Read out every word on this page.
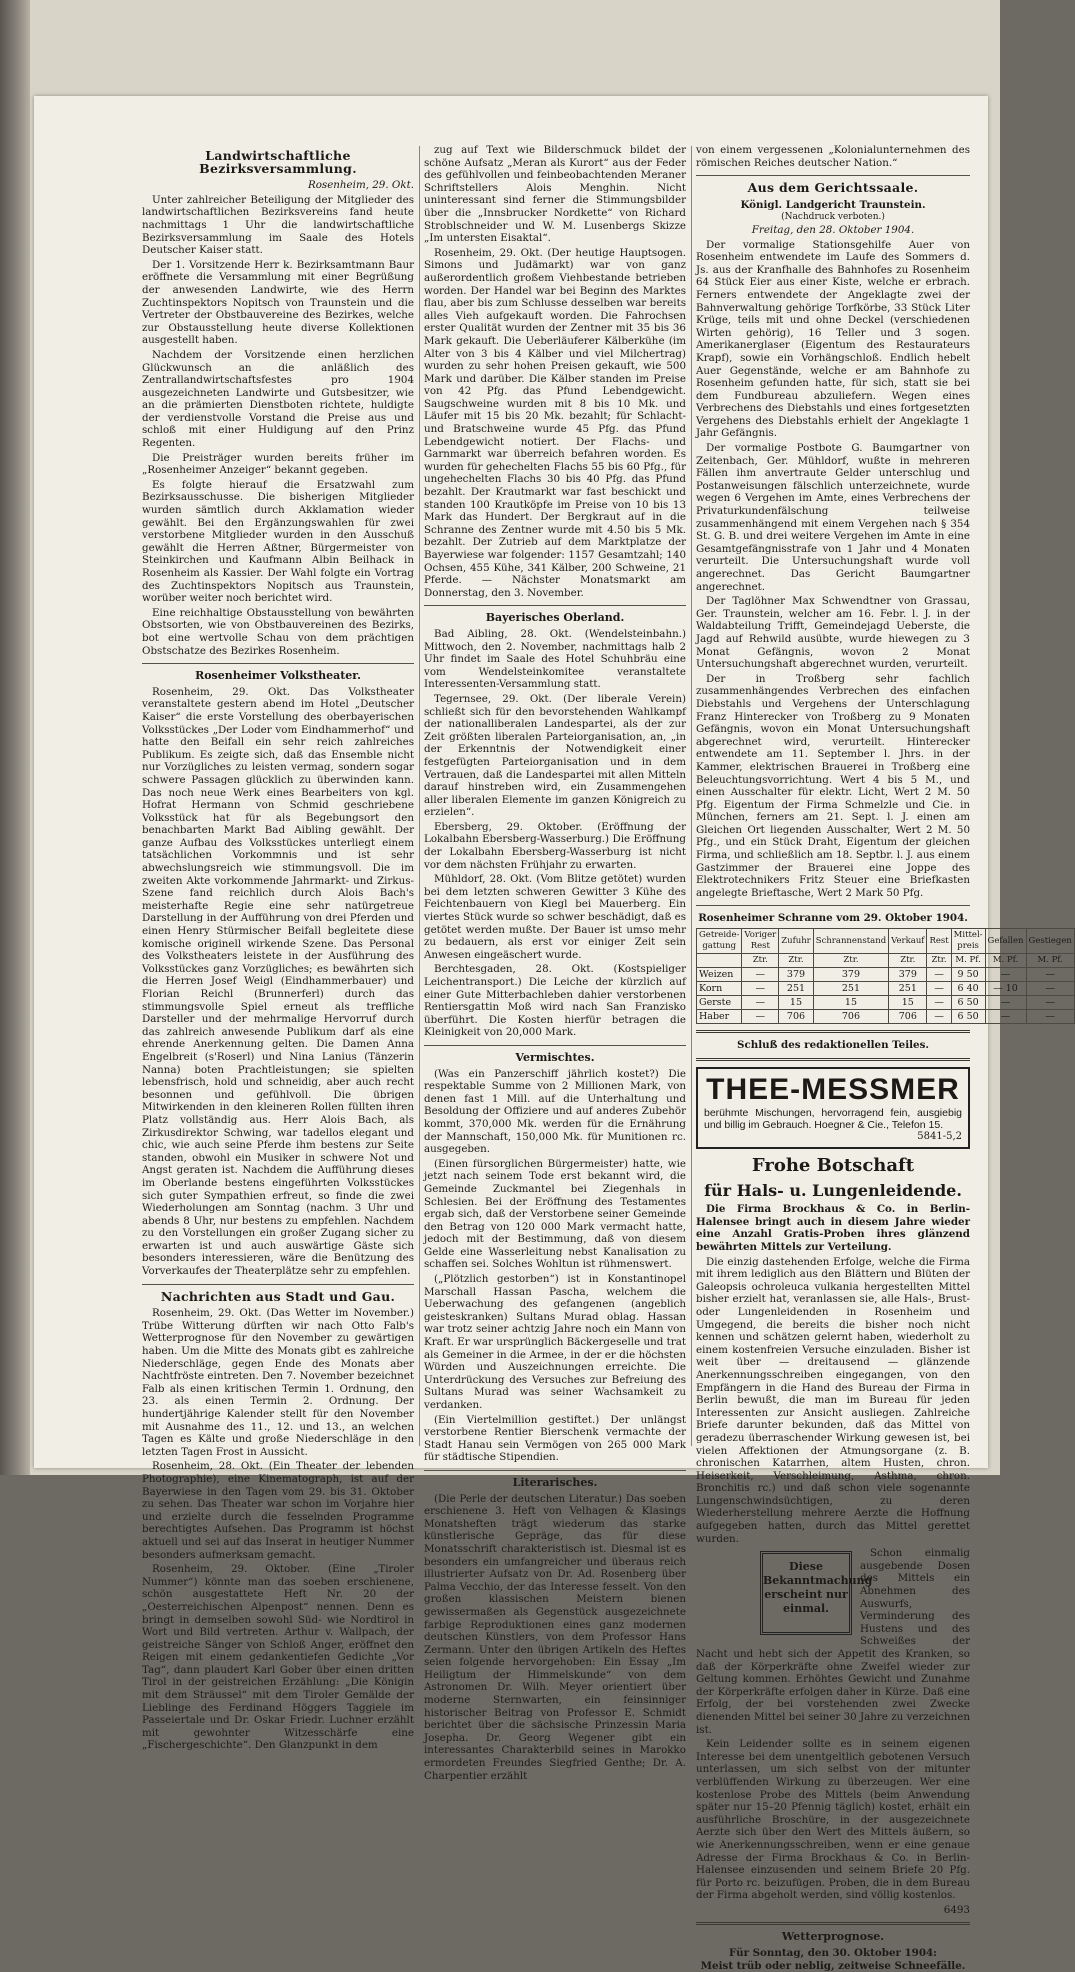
Landwirtschaftliche Bezirksversammlung.
Rosenheim, 29. Okt.

Unter zahlreicher Beteiligung der Mitglieder des landwirtschaftlichen Bezirksvereins fand heute nachmittags 1 Uhr die landwirtschaftliche Bezirksversammlung im Saale des Hotels Deutscher Kaiser statt.

Der 1. Vorsitzende Herr k. Bezirksamtmann Baur eröffnete die Versammlung mit einer Begrüßung der anwesenden Landwirte, wie des Herrn Zuchtinspektors Nopitsch von Traunstein und die Vertreter der Obstbauvereine des Bezirkes, welche zur Obstausstellung heute diverse Kollektionen ausgestellt haben.

Nachdem der Vorsitzende einen herzlichen Glückwunsch an die anläßlich des Zentrallandwirtschaftsfestes pro 1904 ausgezeichneten Landwirte und Gutsbesitzer, wie an die prämierten Dienstboten richtete, huldigte der verdienstvolle Vorstand die Preise aus und schloß mit einer Huldigung auf den Prinz Regenten.

Die Preisträger wurden bereits früher im „Rosenheimer Anzeiger“ bekannt gegeben.

Es folgte hierauf die Ersatzwahl zum Bezirksausschusse. Die bisherigen Mitglieder wurden sämtlich durch Akklamation wieder gewählt. Bei den Ergänzungswahlen für zwei verstorbene Mitglieder wurden in den Ausschuß gewählt die Herren Aßtner, Bürgermeister von Steinkirchen und Kaufmann Albin Beilhack in Rosenheim als Kassier. Der Wahl folgte ein Vortrag des Zuchtinspektors Nopitsch aus Traunstein, worüber weiter noch berichtet wird.

Eine reichhaltige Obstausstellung von bewährten Obstsorten, wie von Obstbauvereinen des Bezirks, bot eine wertvolle Schau von dem prächtigen Obstschatze des Bezirkes Rosenheim.

Rosenheimer Volkstheater.

Rosenheim, 29. Okt. Das Volkstheater veranstaltete gestern abend im Hotel „Deutscher Kaiser“ die erste Vorstellung des oberbayerischen Volksstückes „Der Loder vom Eindhammerhof“ und hatte den Beifall ein sehr reich zahlreiches Publikum. Es zeigte sich, daß das Ensemble nicht nur Vorzügliches zu leisten vermag, sondern sogar schwere Passagen glücklich zu überwinden kann. Das noch neue Werk eines Bearbeiters von kgl. Hofrat Hermann von Schmid geschriebene Volksstück hat für als Begebungsort den benachbarten Markt Bad Aibling gewählt. Der ganze Aufbau des Volksstückes unterliegt einem tatsächlichen Vorkommnis und ist sehr abwechslungsreich wie stimmungsvoll. Die im zweiten Akte vorkommende Jahrmarkt- und Zirkus-Szene fand reichlich durch Alois Bach's meisterhafte Regie eine sehr natürgetreue Darstellung in der Aufführung von drei Pferden und einen Henry Stürmischer Beifall begleitete diese komische originell wirkende Szene. Das Personal des Volkstheaters leistete in der Ausführung des Volksstückes ganz Vorzügliches; es bewährten sich die Herren Josef Weigl (Eindhammerbauer) und Florian Reichl (Brunnerferl) durch das stimmungsvolle Spiel erneut als treffliche Darsteller und der mehrmalige Hervorruf durch das zahlreich anwesende Publikum darf als eine ehrende Anerkennung gelten. Die Damen Anna Engelbreit (s'Roserl) und Nina Lanius (Tänzerin Nanna) boten Prachtleistungen; sie spielten lebensfrisch, hold und schneidig, aber auch recht besonnen und gefühlvoll. Die übrigen Mitwirkenden in den kleineren Rollen füllten ihren Platz vollständig aus. Herr Alois Bach, als Zirkusdirektor Schwing, war tadellos elegant und chic, wie auch seine Pferde ihm bestens zur Seite standen, obwohl ein Musiker in schwere Not und Angst geraten ist. Nachdem die Aufführung dieses im Oberlande bestens eingeführten Volksstückes sich guter Sympathien erfreut, so finde die zwei Wiederholungen am Sonntag (nachm. 3 Uhr und abends 8 Uhr, nur bestens zu empfehlen. Nachdem zu den Vorstellungen ein großer Zugang sicher zu erwarten ist und auch auswärtige Gäste sich besonders interessieren, wäre die Benützung des Vorverkaufes der Theaterplätze sehr zu empfehlen.

Nachrichten aus Stadt und Gau.

Rosenheim, 29. Okt. (Das Wetter im November.) Trübe Witterung dürften wir nach Otto Falb's Wetterprognose für den November zu gewärtigen haben. Um die Mitte des Monats gibt es zahlreiche Niederschläge, gegen Ende des Monats aber Nachtfröste eintreten. Den 7. November bezeichnet Falb als einen kritischen Termin 1. Ordnung, den 23. als einen Termin 2. Ordnung. Der hundertjährige Kalender stellt für den November mit Ausnahme des 11., 12. und 13., an welchen Tagen es Kälte und große Niederschläge in den letzten Tagen Frost in Aussicht.

Rosenheim, 28. Okt. (Ein Theater der lebenden Photographie), eine Kinematograph, ist auf der Bayerwiese in den Tagen vom 29. bis 31. Oktober zu sehen. Das Theater war schon im Vorjahre hier und erzielte durch die fesselnden Programme berechtigtes Aufsehen. Das Programm ist höchst aktuell und sei auf das Inserat in heutiger Nummer besonders aufmerksam gemacht.

Rosenheim, 29. Oktober. (Eine „Tiroler Nummer“) könnte man das soeben erschienene, schön ausgestattete Heft Nr. 20 der „Oesterreichischen Alpenpost“ nennen. Denn es bringt in demselben sowohl Süd- wie Nordtirol in Wort und Bild vertreten. Arthur v. Wallpach, der geistreiche Sänger von Schloß Anger, eröffnet den Reigen mit einem gedankentiefen Gedichte „Vor Tag“, dann plaudert Karl Gober über einen dritten Tirol in der geistreichen Erzählung: „Die Königin mit dem Sträussel“ mit dem Tiroler Gemälde der Lieblinge des Ferdinand Höggers Taggiele im Passeiertale und Dr. Oskar Friedr. Luchner erzählt mit gewohnter Witzesschärfe eine „Fischergeschichte“. Den Glanzpunkt in dem

zug auf Text wie Bilderschmuck bildet der schöne Aufsatz „Meran als Kurort“ aus der Feder des gefühlvollen und feinbeobachtenden Meraner Schriftstellers Alois Menghin. Nicht uninteressant sind ferner die Stimmungsbilder über die „Innsbrucker Nordkette“ von Richard Stroblschneider und W. M. Lusenbergs Skizze „Im untersten Eisaktal“.

Rosenheim, 29. Okt. (Der heutige Hauptsogen. Simons und Judämarkt) war von ganz außerordentlich großem Viehbestande betrieben worden. Der Handel war bei Beginn des Marktes flau, aber bis zum Schlusse desselben war bereits alles Vieh aufgekauft worden. Die Fahrochsen erster Qualität wurden der Zentner mit 35 bis 36 Mark gekauft. Die Ueberläuferer Kälberkühe (im Alter von 3 bis 4 Kälber und viel Milchertrag) wurden zu sehr hohen Preisen gekauft, wie 500 Mark und darüber. Die Kälber standen im Preise von 42 Pfg. das Pfund Lebendgewicht. Saugschweine wurden mit 8 bis 10 Mk. und Läufer mit 15 bis 20 Mk. bezahlt; für Schlacht- und Bratschweine wurde 45 Pfg. das Pfund Lebendgewicht notiert. Der Flachs- und Garnmarkt war überreich befahren worden. Es wurden für gehechelten Flachs 55 bis 60 Pfg., für ungehechelten Flachs 30 bis 40 Pfg. das Pfund bezahlt. Der Krautmarkt war fast beschickt und standen 100 Krautköpfe im Preise von 10 bis 13 Mark das Hundert. Der Bergkraut auf in die Schranne des Zentner wurde mit 4.50 bis 5 Mk. bezahlt. Der Zutrieb auf dem Marktplatze der Bayerwiese war folgender: 1157 Gesamtzahl; 140 Ochsen, 455 Kühe, 341 Kälber, 200 Schweine, 21 Pferde. — Nächster Monatsmarkt am Donnerstag, den 3. November.

Bayerisches Oberland.

Bad Aibling, 28. Okt. (Wendelsteinbahn.) Mittwoch, den 2. November, nachmittags halb 2 Uhr findet im Saale des Hotel Schuhbräu eine vom Wendelsteinkomitee veranstaltete Interessenten-Versammlung statt.

Tegernsee, 29. Okt. (Der liberale Verein) schließt sich für den bevorstehenden Wahlkampf der nationalliberalen Landespartei, als der zur Zeit größten liberalen Parteiorganisation, an, „in der Erkenntnis der Notwendigkeit einer festgefügten Parteiorganisation und in dem Vertrauen, daß die Landespartei mit allen Mitteln darauf hinstreben wird, ein Zusammengehen aller liberalen Elemente im ganzen Königreich zu erzielen“.

Ebersberg, 29. Oktober. (Eröffnung der Lokalbahn Ebersberg-Wasserburg.) Die Eröffnung der Lokalbahn Ebersberg-Wasserburg ist nicht vor dem nächsten Frühjahr zu erwarten.

Mühldorf, 28. Okt. (Vom Blitze getötet) wurden bei dem letzten schweren Gewitter 3 Kühe des Feichtenbauern von Kiegl bei Mauerberg. Ein viertes Stück wurde so schwer beschädigt, daß es getötet werden mußte. Der Bauer ist umso mehr zu bedauern, als erst vor einiger Zeit sein Anwesen eingeäschert wurde.

Berchtesgaden, 28. Okt. (Kostspieliger Leichentransport.) Die Leiche der kürzlich auf einer Gute Mitterbachleben dahier verstorbenen Rentiersgattin Moß wird nach San Franzisko überführt. Die Kosten hierfür betragen die Kleinigkeit von 20,000 Mark.

Vermischtes.

(Was ein Panzerschiff jährlich kostet?) Die respektable Summe von 2 Millionen Mark, von denen fast 1 Mill. auf die Unterhaltung und Besoldung der Offiziere und auf anderes Zubehör kommt, 370,000 Mk. werden für die Ernährung der Mannschaft, 150,000 Mk. für Munitionen rc. ausgegeben.

(Einen fürsorglichen Bürgermeister) hatte, wie jetzt nach seinem Tode erst bekannt wird, die Gemeinde Zuckmantel bei Ziegenhals in Schlesien. Bei der Eröffnung des Testamentes ergab sich, daß der Verstorbene seiner Gemeinde den Betrag von 120 000 Mark vermacht hatte, jedoch mit der Bestimmung, daß von diesem Gelde eine Wasserleitung nebst Kanalisation zu schaffen sei. Solches Wohltun ist rühmenswert.

(„Plötzlich gestorben“) ist in Konstantinopel Marschall Hassan Pascha, welchem die Ueberwachung des gefangenen (angeblich geisteskranken) Sultans Murad oblag. Hassan war trotz seiner achtzig Jahre noch ein Mann von Kraft. Er war ursprünglich Bäckergeselle und trat als Gemeiner in die Armee, in der er die höchsten Würden und Auszeichnungen erreichte. Die Unterdrückung des Versuches zur Befreiung des Sultans Murad was seiner Wachsamkeit zu verdanken.

(Ein Viertelmillion gestiftet.) Der unlängst verstorbene Rentier Bierschenk vermachte der Stadt Hanau sein Vermögen von 265 000 Mark für städtische Stipendien.

Literarisches.

(Die Perle der deutschen Literatur.) Das soeben erschienene 3. Heft von Velhagen & Klasings Monatsheften trägt wiederum das starke künstlerische Gepräge, das für diese Monatsschrift charakteristisch ist. Diesmal ist es besonders ein umfangreicher und überaus reich illustrierter Aufsatz von Dr. Ad. Rosenberg über Palma Vecchio, der das Interesse fesselt. Von den großen klassischen Meistern bienen gewissermaßen als Gegenstück ausgezeichnete farbige Reproduktionen eines ganz modernen deutschen Künstlers, von dem Professor Hans Zermann. Unter den übrigen Artikeln des Heftes seien folgende hervorgehoben: Ein Essay „Im Heiligtum der Himmelskunde“ von dem Astronomen Dr. Wilh. Meyer orientiert über moderne Sternwarten, ein feinsinniger historischer Beitrag von Professor E. Schmidt berichtet über die sächsische Prinzessin Maria Josepha. Dr. Georg Wegener gibt ein interessantes Charakterbild seines in Marokko ermordeten Freundes Siegfried Genthe; Dr. A. Charpentier erzählt

von einem vergessenen „Kolonialunternehmen des römischen Reiches deutscher Nation.“

Aus dem Gerichtssaale.
Königl. Landgericht Traunstein.
(Nachdruck verboten.)
Freitag, den 28. Oktober 1904.

Der vormalige Stationsgehilfe Auer von Rosenheim entwendete im Laufe des Sommers d. Js. aus der Kranfhalle des Bahnhofes zu Rosenheim 64 Stück Eier aus einer Kiste, welche er erbrach. Ferners entwendete der Angeklagte zwei der Bahnverwaltung gehörige Torfkörbe, 33 Stück Liter Krüge, teils mit und ohne Deckel (verschiedenen Wirten gehörig), 16 Teller und 3 sogen. Amerikanerglaser (Eigentum des Restaurateurs Krapf), sowie ein Vorhängschloß. Endlich hebelt Auer Gegenstände, welche er am Bahnhofe zu Rosenheim gefunden hatte, für sich, statt sie bei dem Fundbureau abzuliefern. Wegen eines Verbrechens des Diebstahls und eines fortgesetzten Vergehens des Diebstahls erhielt der Angeklagte 1 Jahr Gefängnis.

Der vormalige Postbote G. Baumgartner von Zeitenbach, Ger. Mühldorf, wußte in mehreren Fällen ihm anvertraute Gelder unterschlug und Postanweisungen fälschlich unterzeichnete, wurde wegen 6 Vergehen im Amte, eines Verbrechens der Privaturkundenfälschung teilweise zusammenhängend mit einem Vergehen nach § 354 St. G. B. und drei weitere Vergehen im Amte in eine Gesamtgefängnisstrafe von 1 Jahr und 4 Monaten verurteilt. Die Untersuchungshaft wurde voll angerechnet. Das Gericht Baumgartner angerechnet.

Der Taglöhner Max Schwendtner von Grassau, Ger. Traunstein, welcher am 16. Febr. l. J. in der Waldabteilung Trifft, Gemeindejagd Ueberste, die Jagd auf Rehwild ausübte, wurde hiewegen zu 3 Monat Gefängnis, wovon 2 Monat Untersuchungshaft abgerechnet wurden, verurteilt.

Der in Troßberg sehr fachlich zusammenhängendes Verbrechen des einfachen Diebstahls und Vergehens der Unterschlagung Franz Hinterecker von Troßberg zu 9 Monaten Gefängnis, wovon ein Monat Untersuchungshaft abgerechnet wird, verurteilt. Hinterecker entwendete am 11. September l. Jhrs. in der Kammer, elektrischen Brauerei in Troßberg eine Beleuchtungsvorrichtung. Wert 4 bis 5 M., und einen Ausschalter für elektr. Licht, Wert 2 M. 50 Pfg. Eigentum der Firma Schmelzle und Cie. in München, ferners am 21. Sept. l. J. einen am Gleichen Ort liegenden Ausschalter, Wert 2 M. 50 Pfg., und ein Stück Draht, Eigentum der gleichen Firma, und schließlich am 18. Septbr. l. J. aus einem Gastzimmer der Brauerei eine Joppe des Elektrotechnikers Fritz Steuer eine Briefkasten angelegte Brieftasche, Wert 2 Mark 50 Pfg.

Rosenheimer Schranne vom 29. Oktober 1904.
Getreide-gattung	Voriger Rest	Zufuhr	Schrannenstand	Verkauf	Rest	Mittel-preis	Gefallen	Gestiegen
	Ztr.	Ztr.	Ztr.	Ztr.	Ztr.	M. Pf.	M. Pf.	M. Pf.
Weizen	—	379	379	379	—	9 50	—	—
Korn	—	251	251	251	—	6 40	— 10	—
Gerste	—	15	15	15	—	6 50	—	—
Haber	—	706	706	706	—	6 50	—	—
Schluß des redaktionellen Teiles.
THEE-MESSMER
berühmte Mischungen, hervorragend fein, ausgiebig und billig im Gebrauch. Hoegner & Cie., Telefon 15.
5841-5,2
Frohe Botschaft
für Hals- u. Lungenleidende.

Die Firma Brockhaus & Co. in Berlin-Halensee bringt auch in diesem Jahre wieder eine Anzahl Gratis-Proben ihres glänzend bewährten Mittels zur Verteilung.

Die einzig dastehenden Erfolge, welche die Firma mit ihrem lediglich aus den Blättern und Blüten der Galeopsis ochroleuca vulkania hergestellten Mittel bisher erzielt hat, veranlassen sie, alle Hals-, Brust- oder Lungenleidenden in Rosenheim und Umgegend, die bereits die bisher noch nicht kennen und schätzen gelernt haben, wiederholt zu einem kostenfreien Versuche einzuladen. Bisher ist weit über — dreitausend — glänzende Anerkennungsschreiben eingegangen, von den Empfängern in die Hand des Bureau der Firma in Berlin bewußt, die man im Bureau für jeden Interessenten zur Ansicht ausliegen. Zahlreiche Briefe darunter bekunden, daß das Mittel von geradezu überraschender Wirkung gewesen ist, bei vielen Affektionen der Atmungsorgane (z. B. chronischen Katarrhen, altem Husten, chron. Heiserkeit, Verschleimung, Asthma, chron. Bronchitis rc.) und daß schon viele sogenannte Lungenschwindsüchtigen, zu deren Wiederherstellung mehrere Aerzte die Hoffnung aufgegeben hatten, durch das Mittel gerettet wurden.

Diese Bekanntmachung erscheint nur einmal.

Schon einmalig ausgebende Dosen des Mittels ein Abnehmen des Auswurfs, Verminderung des Hustens und des Schweißes der Nacht und hebt sich der Appetit des Kranken, so daß der Körperkräfte ohne Zweifel wieder zur Geltung kommen. Erhöhtes Gewicht und Zunahme der Körperkräfte erfolgen daher in Kürze. Daß eine Erfolg, der bei vorstehenden zwei Zwecke dienenden Mittel bei seiner 30 Jahre zu verzeichnen ist.

Kein Leidender sollte es in seinem eigenen Interesse bei dem unentgeltlich gebotenen Versuch unterlassen, um sich selbst von der mitunter verblüffenden Wirkung zu überzeugen. Wer eine kostenlose Probe des Mittels (beim Anwendung später nur 15–20 Pfennig täglich) kostet, erhält ein ausführliche Broschüre, in der ausgezeichnete Aerzte sich über den Wert des Mittels äußern, so wie Anerkennungsschreiben, wenn er eine genaue Adresse der Firma Brockhaus & Co. in Berlin-Halensee einzusenden und seinem Briefe 20 Pfg. für Porto rc. beizufügen. Proben, die in dem Bureau der Firma abgeholt werden, sind völlig kostenlos.

6493
Wetterprognose.
Für Sonntag, den 30. Oktober 1904:
Meist trüb oder neblig, zeitweise Schneefälle.
